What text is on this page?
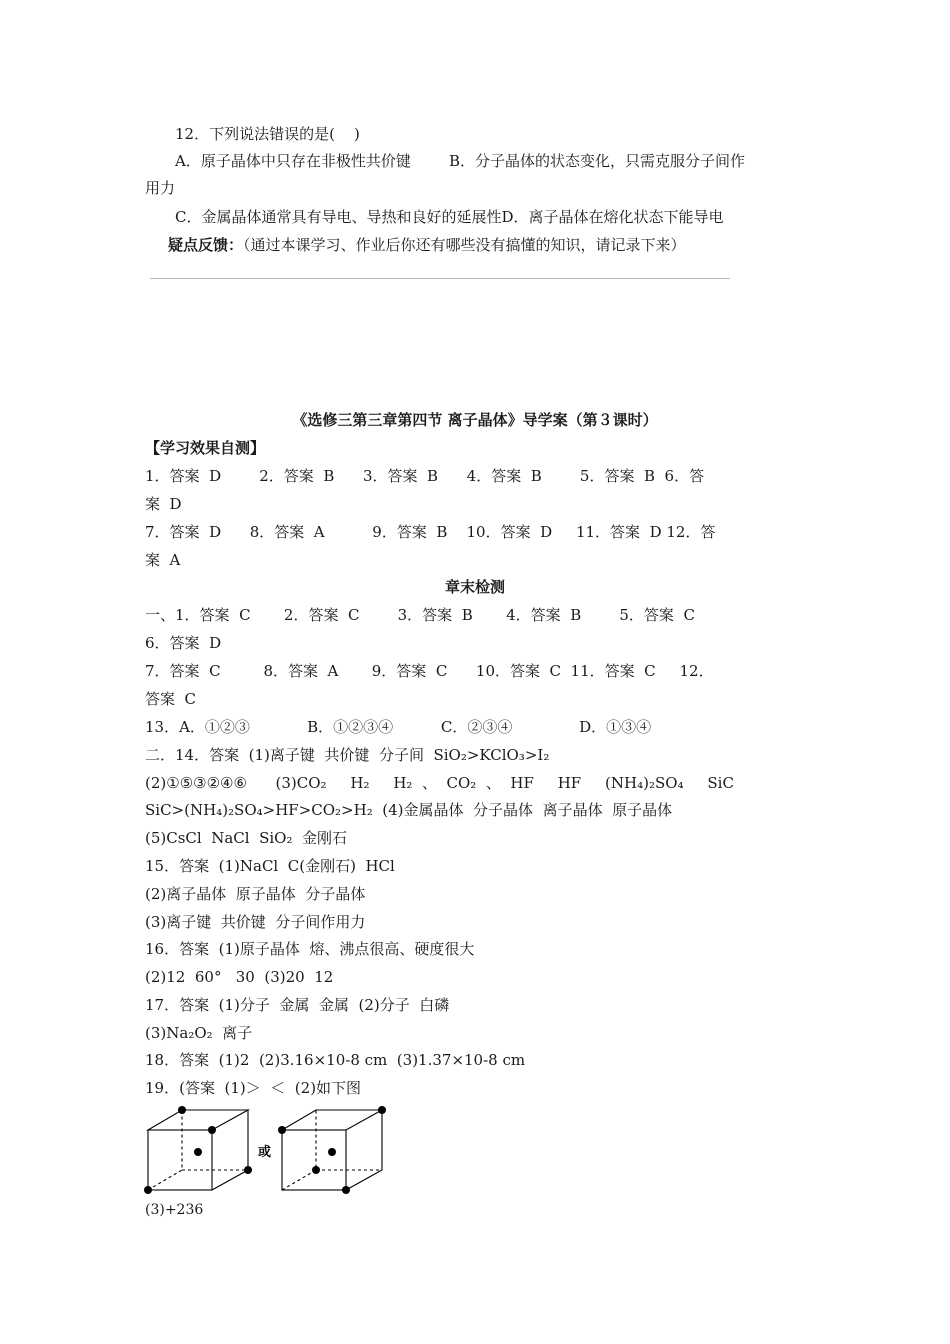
12．下列说法错误的是(    )
A．原子晶体中只存在非极性共价键        B．分子晶体的状态变化，只需克服分子间作
用力
C．金属晶体通常具有导电、导热和良好的延展性D．离子晶体在熔化状态下能导电
疑点反馈：（通过本课学习、作业后你还有哪些没有搞懂的知识，请记录下来）
《选修三第三章第四节 离子晶体》导学案（第３课时）
【学习效果自测】
1．答案  D        2．答案  B      3．答案  B      4．答案  B        5．答案  B  6．答
案  D
7．答案  D      8．答案  A          9．答案  B    10．答案  D     11．答案  D 12．答
案  A
章末检测
一、1．答案  C       2．答案  C        3．答案  B       4．答案  B        5．答案  C
6．答案  D
7．答案  C         8．答案  A       9．答案  C      10．答案  C  11．答案  C     12．
答案  C
13．A．①②③            B．①②③④          C．②③④              D．①③④
二．14．答案  (1)离子键  共价键  分子间  SiO₂>KClO₃>I₂
(2)①⑤③②④⑥      (3)CO₂     H₂     H₂  、  CO₂  、  HF     HF     (NH₄)₂SO₄     SiC
SiC>(NH₄)₂SO₄>HF>CO₂>H₂  (4)金属晶体  分子晶体  离子晶体  原子晶体
(5)CsCl  NaCl  SiO₂  金刚石
15．答案  (1)NaCl  C(金刚石)  HCl
(2)离子晶体  原子晶体  分子晶体
(3)离子键  共价键  分子间作用力
16．答案  (1)原子晶体  熔、沸点很高、硬度很大
(2)12  60°   30  (3)20  12
17．答案  (1)分子  金属  金属  (2)分子  白磷
(3)Na₂O₂  离子
18．答案  (1)2  (2)3.16×10-8 cm  (3)1.37×10-8 cm
19．(答案  (1)＞  ＜  (2)如下图
或
(3)+236
